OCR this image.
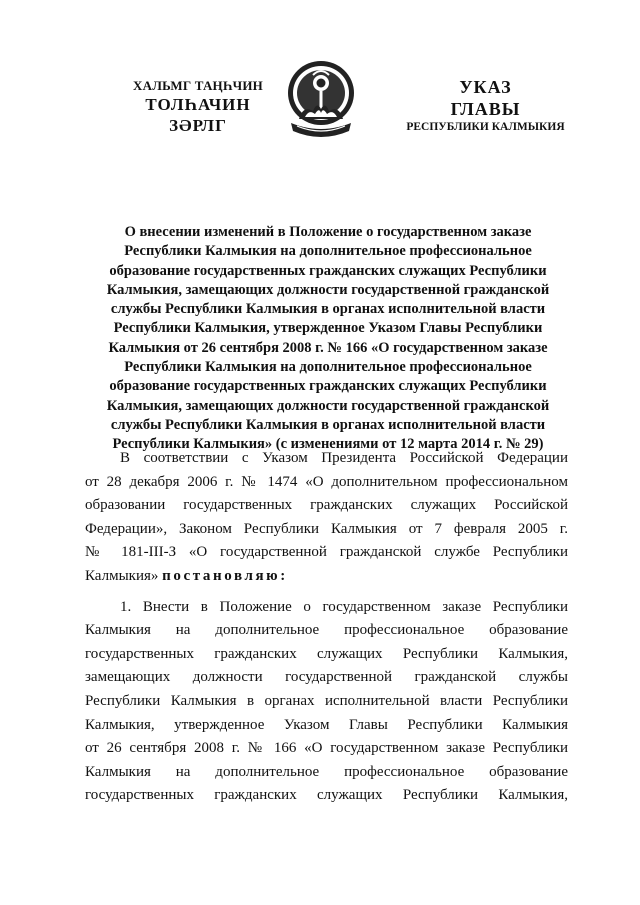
ХАЛЬМГ ТАҢҺЧИН
ТОЛҺАЧИН
ЗӘРЛГ
УКАЗ
ГЛАВЫ
РЕСПУБЛИКИ КАЛМЫКИЯ
О внесении изменений в Положение о государственном заказе
Республики Калмыкия на дополнительное профессиональное
образование государственных гражданских служащих Республики
Калмыкия, замещающих должности государственной гражданской
службы Республики Калмыкия в органах исполнительной власти
Республики Калмыкия, утвержденное Указом Главы Республики
Калмыкия от 26 сентября 2008 г. № 166 «О государственном заказе
Республики Калмыкия на дополнительное профессиональное
образование государственных гражданских служащих Республики
Калмыкия, замещающих должности государственной гражданской
службы Республики Калмыкия в органах исполнительной власти
Республики Калмыкия» (с изменениями от 12 марта 2014 г. № 29)
В соответствии с Указом Президента Российской Федерации
от 28 декабря 2006 г. № 1474 «О дополнительном профессиональном
образовании государственных гражданских служащих Российской
Федерации», Законом Республики Калмыкия от 7 февраля 2005 г.
№ 181-III-З «О государственной гражданской службе Республики
Калмыкия» постановляю:
1. Внести в Положение о государственном заказе Республики
Калмыкия на дополнительное профессиональное образование
государственных гражданских служащих Республики Калмыкия,
замещающих должности государственной гражданской службы
Республики Калмыкия в органах исполнительной власти Республики
Калмыкия, утвержденное Указом Главы Республики Калмыкия
от 26 сентября 2008 г. № 166 «О государственном заказе Республики
Калмыкия на дополнительное профессиональное образование
государственных гражданских служащих Республики Калмыкия,
